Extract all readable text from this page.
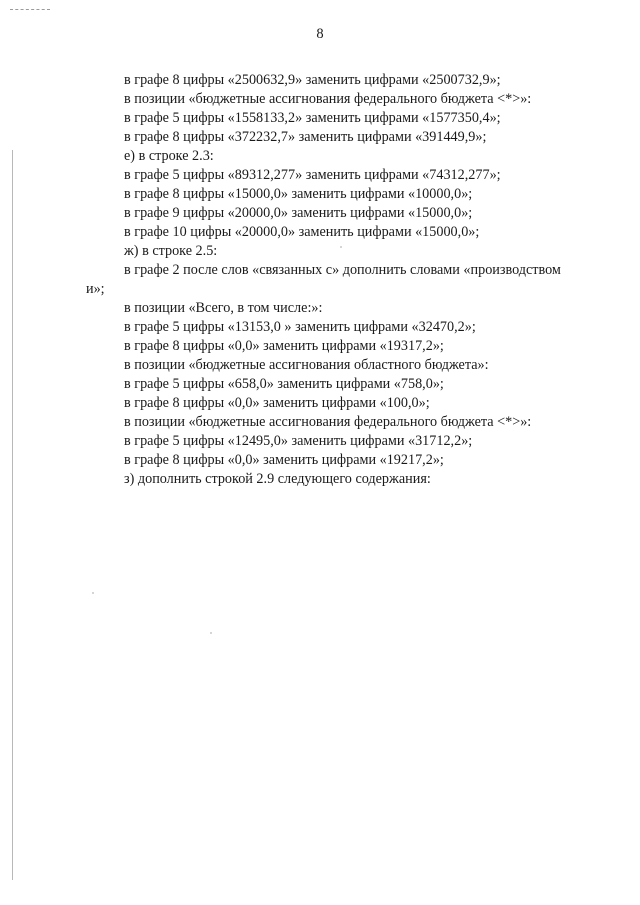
8
в графе 8 цифры «2500632,9» заменить цифрами «2500732,9»;
в позиции «бюджетные ассигнования федерального бюджета <*>»:
в графе 5 цифры «1558133,2» заменить цифрами «1577350,4»;
в графе 8 цифры «372232,7» заменить цифрами «391449,9»;
е) в строке 2.3:
в графе 5 цифры «89312,277» заменить цифрами «74312,277»;
в графе 8 цифры «15000,0» заменить цифрами «10000,0»;
в графе 9 цифры «20000,0» заменить цифрами «15000,0»;
в графе 10 цифры «20000,0» заменить цифрами «15000,0»;
ж) в строке 2.5:
в графе 2 после слов «связанных с» дополнить словами «производством
и»;
в позиции «Всего, в том числе:»:
в графе 5 цифры «13153,0 » заменить цифрами «32470,2»;
в графе 8 цифры «0,0» заменить цифрами «19317,2»;
в позиции «бюджетные ассигнования областного бюджета»:
в графе 5 цифры «658,0» заменить цифрами «758,0»;
в графе 8 цифры «0,0» заменить цифрами «100,0»;
в позиции «бюджетные ассигнования федерального бюджета <*>»:
в графе 5 цифры «12495,0» заменить цифрами «31712,2»;
в графе 8 цифры «0,0» заменить цифрами «19217,2»;
з) дополнить строкой 2.9 следующего содержания:
